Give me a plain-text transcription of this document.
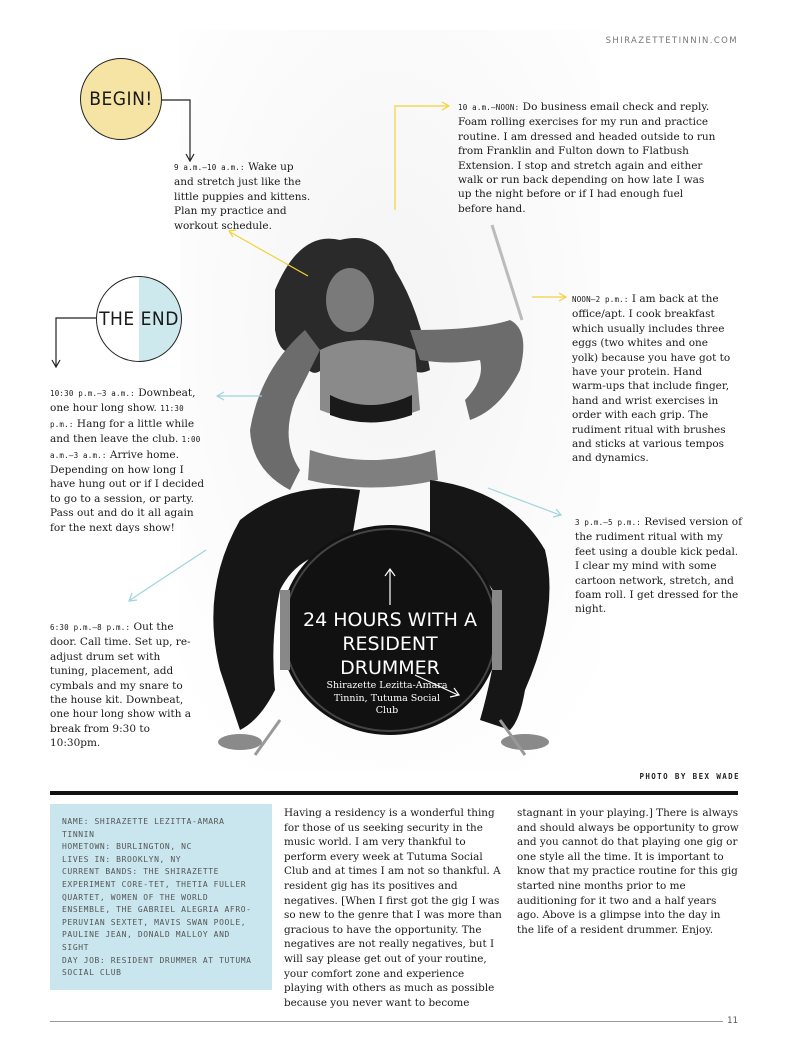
SHIRAZETTETINNIN.COM
BEGIN!
THE END
9 a.m.–10 a.m.: Wake up and stretch just like the little puppies and kittens. Plan my practice and workout schedule.
10 a.m.–NOON: Do business email check and reply. Foam rolling exercises for my run and practice routine. I am dressed and headed outside to run from Franklin and Fulton down to Flatbush Extension. I stop and stretch again and either walk or run back depending on how late I was up the night before or if I had enough fuel before hand.
NOON–2 p.m.: I am back at the office/apt. I cook breakfast which usually includes three eggs (two whites and one yolk) because you have got to have your protein. Hand warm-ups that include finger, hand and wrist exercises in order with each grip. The rudiment ritual with brushes and sticks at various tempos and dynamics.
3 p.m.–5 p.m.: Revised version of the rudiment ritual with my feet using a double kick pedal. I clear my mind with some cartoon network, stretch, and foam roll. I get dressed for the night.
6:30 p.m.–8 p.m.: Out the door. Call time. Set up, re-adjust drum set with tuning, placement, add cymbals and my snare to the house kit. Downbeat, one hour long show with a break from 9:30 to 10:30pm.
10:30 p.m.–3 a.m.: Downbeat, one hour long show. 11:30 p.m.: Hang for a little while and then leave the club. 1:00 a.m.–3 a.m.: Arrive home. Depending on how long I have hung out or if I decided to go to a session, or party. Pass out and do it all again for the next days show!
24 HOURS WITH A RESIDENT DRUMMER
Shirazette Lezitta-Amara Tinnin, Tutuma Social Club
PHOTO BY BEX WADE
NAME: SHIRAZETTE LEZITTA-AMARA TINNIN
HOMETOWN: BURLINGTON, NC
LIVES IN: BROOKLYN, NY
CURRENT BANDS: THE SHIRAZETTE EXPERIMENT CORE-TET, THETIA FULLER QUARTET, WOMEN OF THE WORLD ENSEMBLE, THE GABRIEL ALEGRIA AFRO-PERUVIAN SEXTET, MAVIS SWAN POOLE, PAULINE JEAN, DONALD MALLOY AND SIGHT
DAY JOB: RESIDENT DRUMMER AT TUTUMA SOCIAL CLUB
Having a residency is a wonderful thing for those of us seeking security in the music world. I am very thankful to perform every week at Tutuma Social Club and at times I am not so thankful. A resident gig has its positives and negatives. [When I first got the gig I was so new to the genre that I was more than gracious to have the opportunity. The negatives are not really negatives, but I will say please get out of your routine, your comfort zone and experience playing with others as much as possible because you never want to become
stagnant in your playing.] There is always and should always be opportunity to grow and you cannot do that playing one gig or one style all the time. It is important to know that my practice routine for this gig started nine months prior to me auditioning for it two and a half years ago. Above is a glimpse into the day in the life of a resident drummer. Enjoy.
11
